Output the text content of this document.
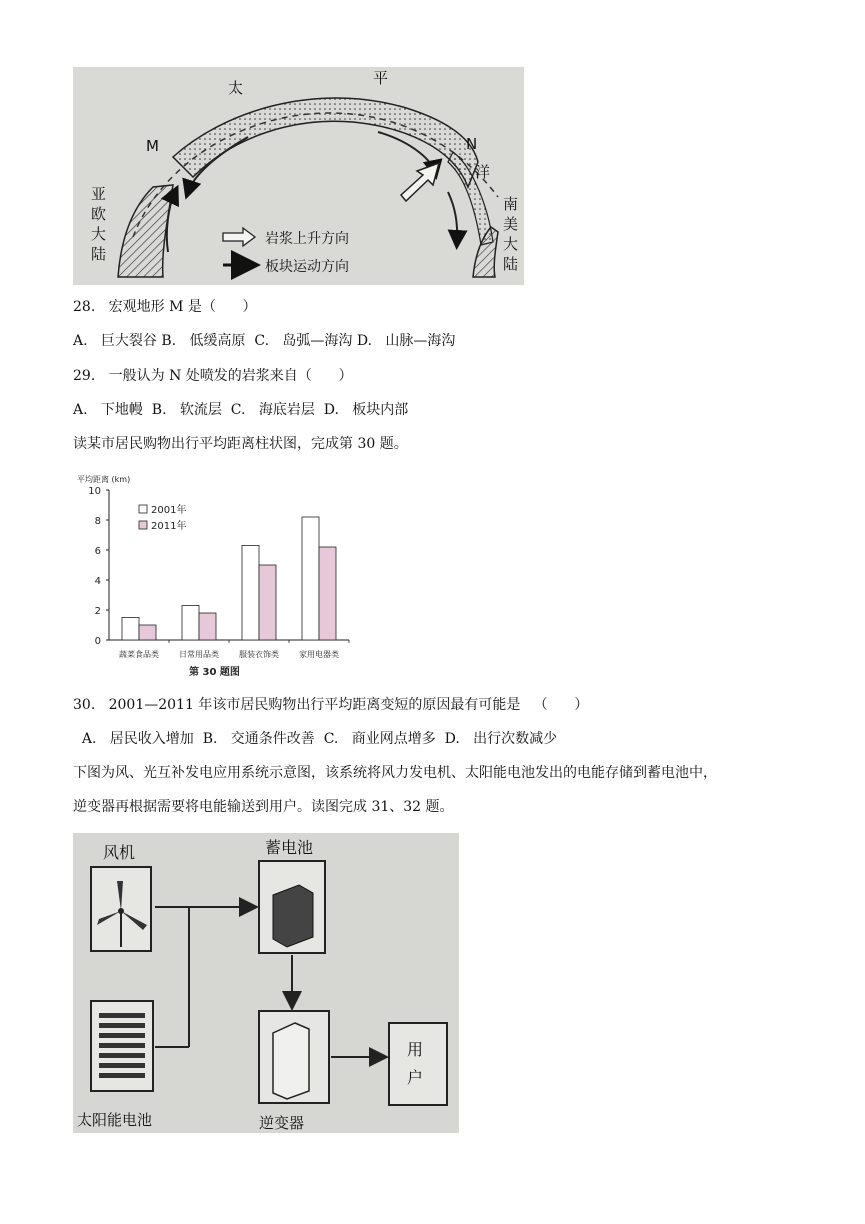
太
平
洋
M	N
亚
欧
大
陆
南
美
大
陆
岩浆上升方向
板块运动方向
28.   宏观地形 M 是（      ）
A.   巨大裂谷 B.   低缓高原  C.   岛弧—海沟 D.   山脉—海沟
29.   一般认为 N 处喷发的岩浆来自（      ）
A.   下地幔  B.   软流层  C.   海底岩层  D.   板块内部
读某市居民购物出行平均距离柱状图，完成第 30 题。
平均距离 (km)
0
2
4
6
8
10
蔬菜食品类	日常用品类	服装衣饰类	家用电器类
2001年
2011年
第 30 题图
30.   2001—2011 年该市居民购物出行平均距离变短的原因最有可能是   （      ）
A.   居民收入增加  B.   交通条件改善  C.   商业网点增多  D.   出行次数减少
下图为风、光互补发电应用系统示意图，该系统将风力发电机、太阳能电池发出的电能存储到蓄电池中，
逆变器再根据需要将电能输送到用户。读图完成 31、32 题。
风机	蓄电池
太阳能电池	逆变器
用
户
